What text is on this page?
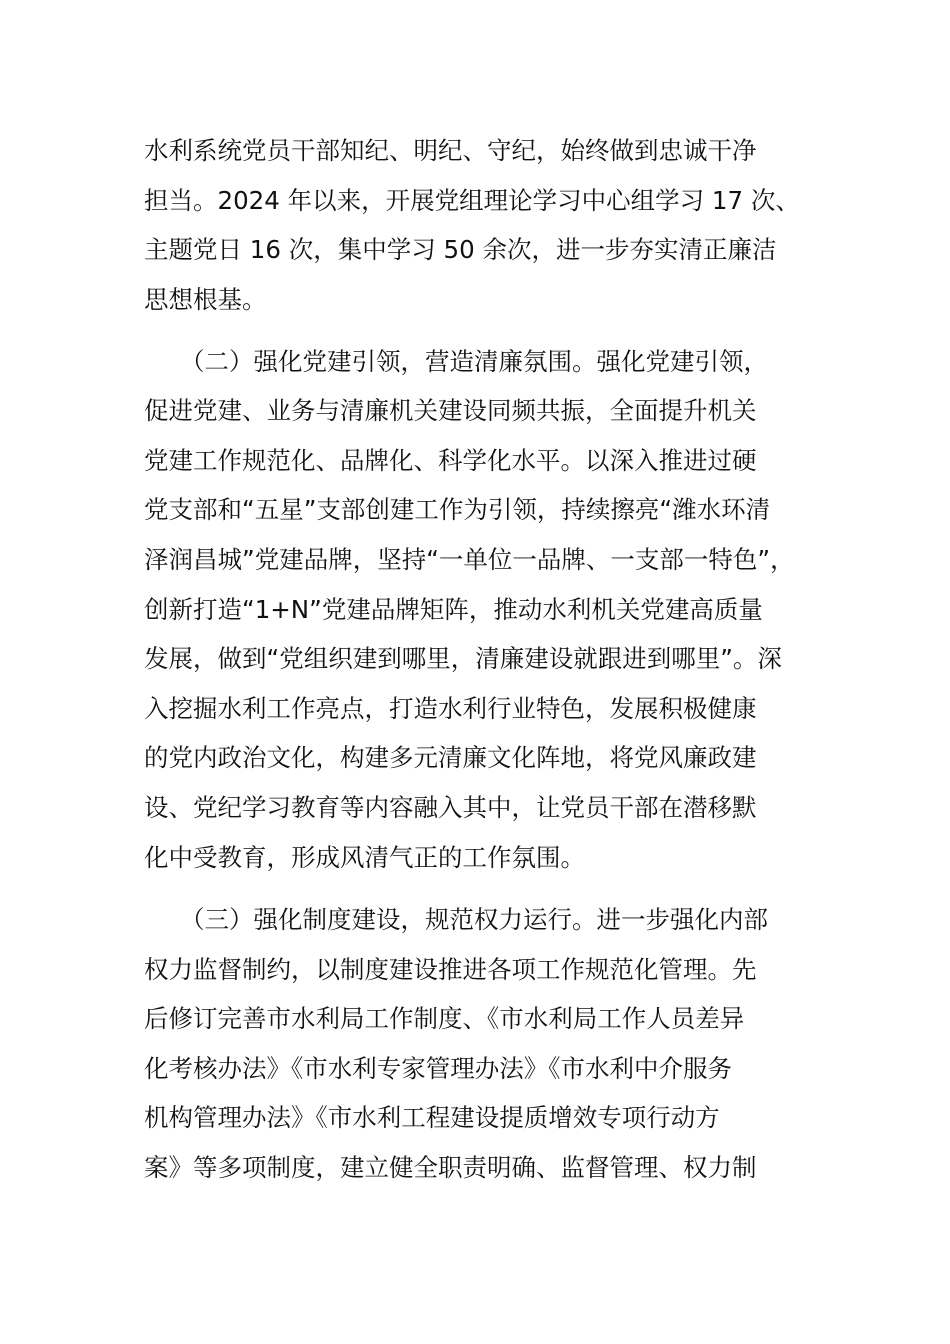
水利系统党员干部知纪、明纪、守纪，始终做到忠诚干净
担当。2024 年以来，开展党组理论学习中心组学习 17 次、
主题党日 16 次，集中学习 50 余次，进一步夯实清正廉洁
思想根基。
（二）强化党建引领，营造清廉氛围。强化党建引领，
促进党建、业务与清廉机关建设同频共振，全面提升机关
党建工作规范化、品牌化、科学化水平。以深入推进过硬
党支部和“五星”支部创建工作为引领，持续擦亮“潍水环清
泽润昌城”党建品牌，坚持“一单位一品牌、一支部一特色”，
创新打造“1+N”党建品牌矩阵，推动水利机关党建高质量
发展，做到“党组织建到哪里，清廉建设就跟进到哪里”。深
入挖掘水利工作亮点，打造水利行业特色，发展积极健康
的党内政治文化，构建多元清廉文化阵地，将党风廉政建
设、党纪学习教育等内容融入其中，让党员干部在潜移默
化中受教育，形成风清气正的工作氛围。
（三）强化制度建设，规范权力运行。进一步强化内部
权力监督制约，以制度建设推进各项工作规范化管理。先
后修订完善市水利局工作制度、《市水利局工作人员差异
化考核办法》《市水利专家管理办法》《市水利中介服务
机构管理办法》《市水利工程建设提质增效专项行动方
案》等多项制度，建立健全职责明确、监督管理、权力制
